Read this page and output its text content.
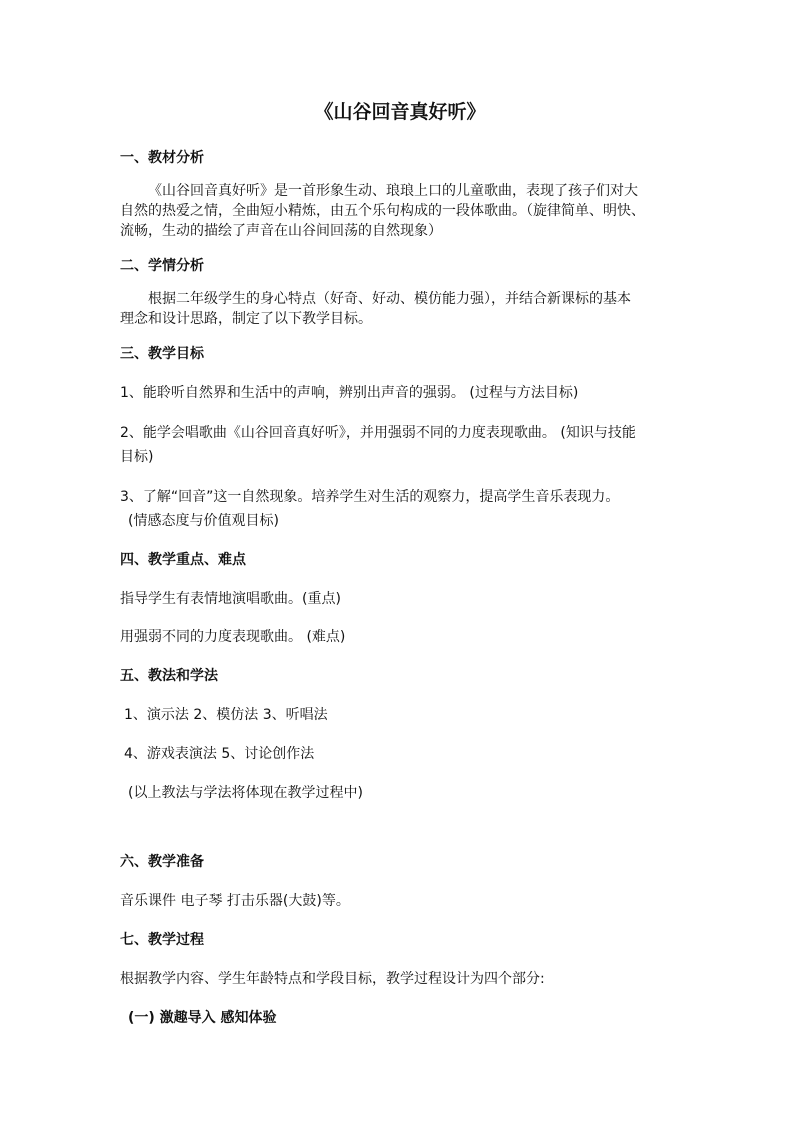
《山谷回音真好听》
一、教材分析
《山谷回音真好听》是一首形象生动、琅琅上口的儿童歌曲，表现了孩子们对大
自然的热爱之情，全曲短小精炼，由五个乐句构成的一段体歌曲。（旋律简单、明快、
流畅，生动的描绘了声音在山谷间回荡的自然现象）
二、学情分析
根据二年级学生的身心特点（好奇、好动、模仿能力强），并结合新课标的基本
理念和设计思路，制定了以下教学目标。
三、教学目标
1、能聆听自然界和生活中的声响，辨别出声音的强弱。 (过程与方法目标)
2、能学会唱歌曲《山谷回音真好听》，并用强弱不同的力度表现歌曲。 (知识与技能
目标)
3、了解“回音”这一自然现象。培养学生对生活的观察力，提高学生音乐表现力。
(情感态度与价值观目标)
四、教学重点、难点
指导学生有表情地演唱歌曲。(重点)
用强弱不同的力度表现歌曲。 (难点)
五、教法和学法
1、演示法 2、模仿法 3、听唱法
4、游戏表演法 5、讨论创作法
(以上教法与学法将体现在教学过程中)
六、教学准备
音乐课件 电子琴 打击乐器(大鼓)等。
七、教学过程
根据教学内容、学生年龄特点和学段目标，教学过程设计为四个部分:
(一) 激趣导入 感知体验
